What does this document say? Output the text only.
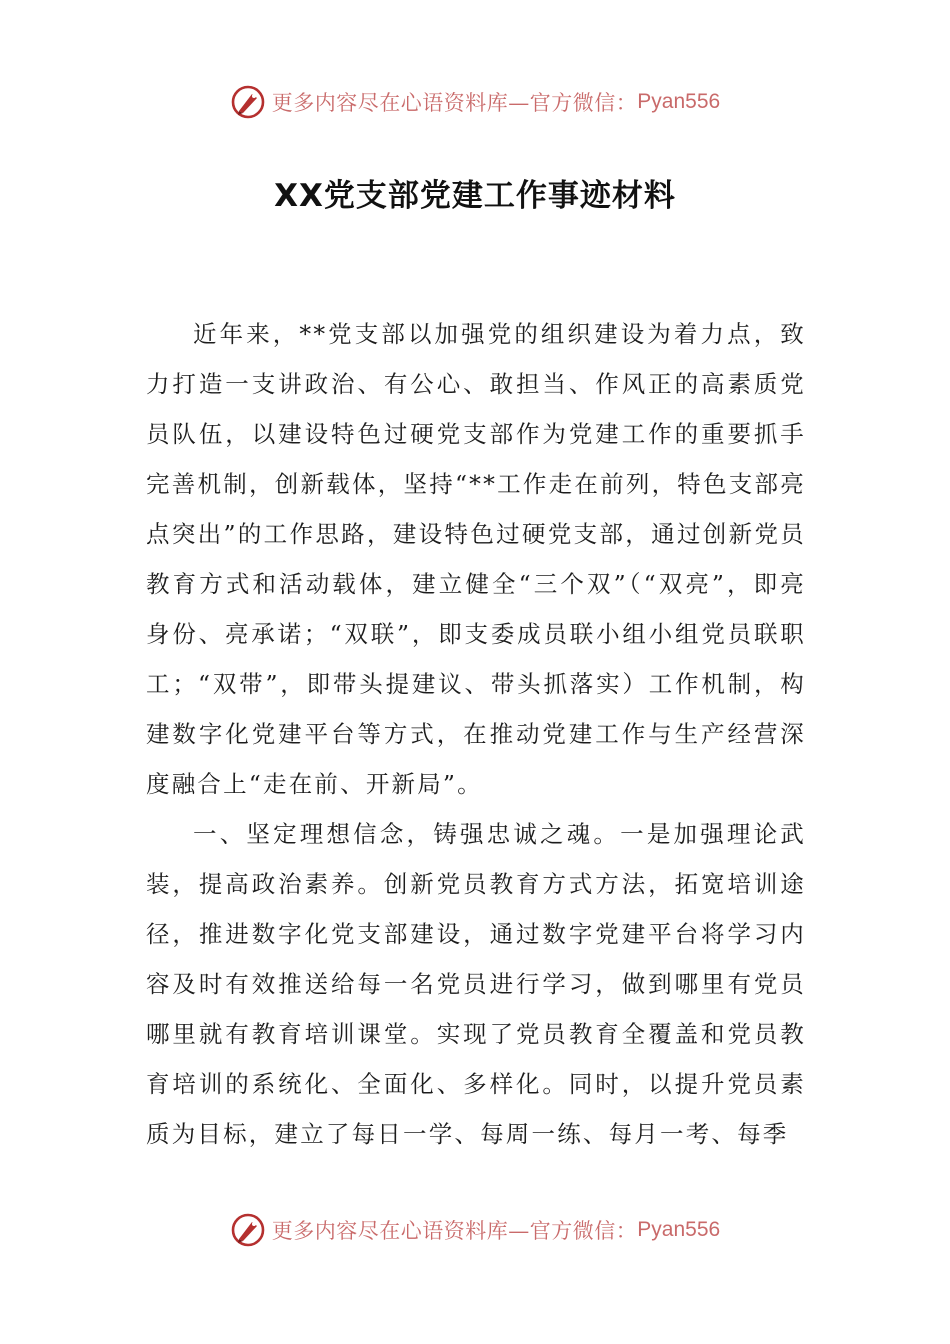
更多内容尽在心语资料库—官方微信： Pyan556
XX党支部党建工作事迹材料

近年来，**党支部以加强党的组织建设为着力点，致力打造一支讲政治、有公心、敢担当、作风正的高素质党员队伍，以建设特色过硬党支部作为党建工作的重要抓手完善机制，创新载体，坚持“**工作走在前列，特色支部亮点突出”的工作思路，建设特色过硬党支部，通过创新党员教育方式和活动载体，建立健全“三个双”（“双亮”，即亮身份、亮承诺；“双联”，即支委成员联小组小组党员联职工；“双带”，即带头提建议、带头抓落实）工作机制，构建数字化党建平台等方式，在推动党建工作与生产经营深度融合上“走在前、开新局”。

一、坚定理想信念，铸强忠诚之魂。一是加强理论武装，提高政治素养。创新党员教育方式方法，拓宽培训途径，推进数字化党支部建设，通过数字党建平台将学习内容及时有效推送给每一名党员进行学习，做到哪里有党员哪里就有教育培训课堂。实现了党员教育全覆盖和党员教育培训的系统化、全面化、多样化。同时，以提升党员素质为目标，建立了每日一学、每周一练、每月一考、每季

更多内容尽在心语资料库—官方微信： Pyan556
